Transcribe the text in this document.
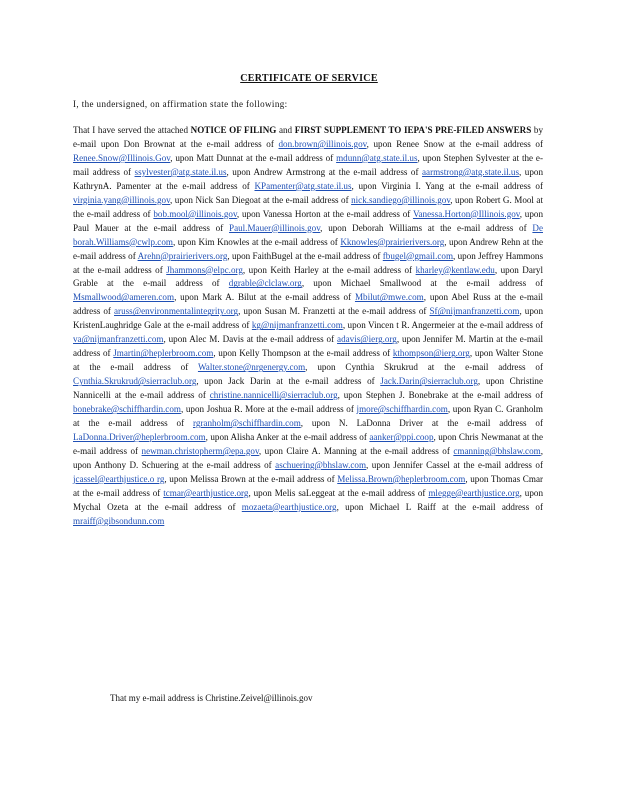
CERTIFICATE OF SERVICE
I, the undersigned, on affirmation state the following:
That I have served the attached NOTICE OF FILING and FIRST SUPPLEMENT TO IEPA'S PRE-FILED ANSWERS by e-mail upon Don Brownat at the e-mail address of don.brown@illinois.gov, upon Renee Snow at the e-mail address of Renee.Snow@Illinois.Gov, upon Matt Dunnat at the e-mail address of mdunn@atg.state.il.us, upon Stephen Sylvester at the e-mail address of ssylvester@atg.state.il.us, upon Andrew Armstrong at the e-mail address of aarmstrong@atg.state.il.us, upon KathrynA. Pamenter at the e-mail address of KPamenter@atg.state.il.us, upon Virginia I. Yang at the e-mail address of virginia.yang@illinois.gov, upon Nick San Diegoat at the e-mail address of nick.sandiego@illinois.gov, upon Robert G. Mool at the e-mail address of bob.mool@illinois.gov, upon Vanessa Horton at the e-mail address of Vanessa.Horton@Illinois.gov, upon Paul Mauer at the e-mail address of Paul.Mauer@illinois.gov, upon Deborah Williams at the e-mail address of De borah.Williams@cwlp.com, upon Kim Knowles at the e-mail address of Kknowles@prairierivers.org, upon Andrew Rehn at the e-mail address of Arehn@prairierivers.org, upon FaithBugel at the e-mail address of fbugel@gmail.com, upon Jeffrey Hammons at the e-mail address of Jhammons@elpc.org, upon Keith Harley at the e-mail address of kharley@kentlaw.edu, upon Daryl Grable at the e-mail address of dgrable@clclaw.org, upon Michael Smallwood at the e-mail address of Msmallwood@ameren.com, upon Mark A. Bilut at the e-mail address of Mbilut@mwe.com, upon Abel Russ at the e-mail address of aruss@environmentalintegrity.org, upon Susan M. Franzetti at the e-mail address of Sf@nijmanfranzetti.com, upon KristenLaughridge Gale at the e-mail address of kg@nijmanfranzetti.com, upon Vincen t R. Angermeier at the e-mail address of va@nijmanfranzetti.com, upon Alec M. Davis at the e-mail address of adavis@ierg.org, upon Jennifer M. Martin at the e-mail address of Jmartin@heplerbroom.com, upon Kelly Thompson at the e-mail address of kthompson@ierg.org, upon Walter Stone at the e-mail address of Walter.stone@nrgenergy.com, upon Cynthia Skrukrud at the e-mail address of Cynthia.Skrukrud@sierraclub.org, upon Jack Darin at the e-mail address of Jack.Darin@sierraclub.org, upon Christine Nannicelli at the e-mail address of christine.nannicelli@sierraclub.org, upon Stephen J. Bonebrake at the e-mail address of bonebrake@schiffhardin.com, upon Joshua R. More at the e-mail address of jmore@schiffhardin.com, upon Ryan C. Granholm at the e-mail address of rgranholm@schiffhardin.com, upon N. LaDonna Driver at the e-mail address of LaDonna.Driver@heplerbroom.com, upon Alisha Anker at the e-mail address of aanker@ppi.coop, upon Chris Newmanat at the e-mail address of newman.christopherm@epa.gov, upon Claire A. Manning at the e-mail address of cmanning@bhslaw.com, upon Anthony D. Schuering at the e-mail address of aschuering@bhslaw.com, upon Jennifer Cassel at the e-mail address of jcassel@earthjustice.o rg, upon Melissa Brown at the e-mail address of Melissa.Brown@heplerbroom.com, upon Thomas Cmar at the e-mail address of tcmar@earthjustice.org, upon Melis saLeggeat at the e-mail address of mlegge@earthjustice.org, upon Mychal Ozeta at the e-mail address of mozaeta@earthjustice.org, upon Michael L Raiff at the e-mail address of mraiff@gibsondunn.com
That my e-mail address is Christine.Zeivel@illinois.gov
